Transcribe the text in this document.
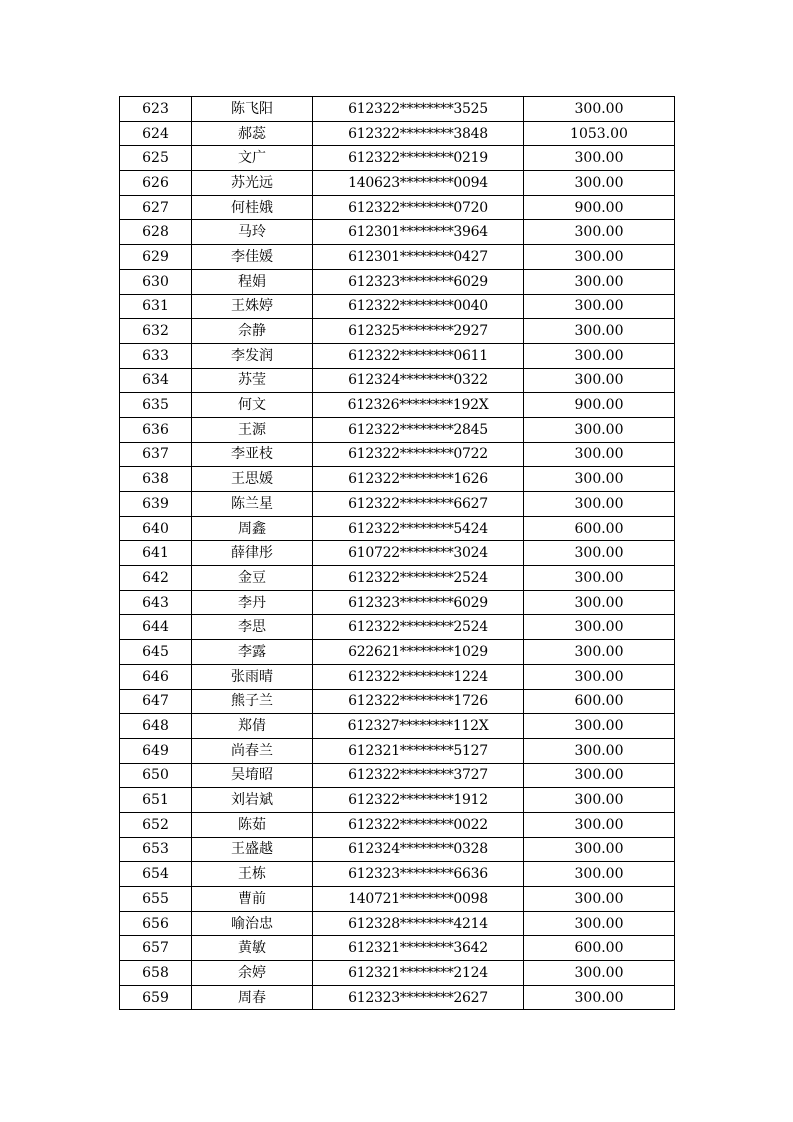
623	陈飞阳	612322********3525	300.00
624	郝蕊	612322********3848	1053.00
625	文广	612322********0219	300.00
626	苏光远	140623********0094	300.00
627	何桂娥	612322********0720	900.00
628	马玲	612301********3964	300.00
629	李佳媛	612301********0427	300.00
630	程娟	612323********6029	300.00
631	王姝婷	612322********0040	300.00
632	佘静	612325********2927	300.00
633	李发润	612322********0611	300.00
634	苏莹	612324********0322	300.00
635	何文	612326********192X	900.00
636	王源	612322********2845	300.00
637	李亚枝	612322********0722	300.00
638	王思媛	612322********1626	300.00
639	陈兰星	612322********6627	300.00
640	周鑫	612322********5424	600.00
641	薛律彤	610722********3024	300.00
642	金豆	612322********2524	300.00
643	李丹	612323********6029	300.00
644	李思	612322********2524	300.00
645	李露	622621********1029	300.00
646	张雨晴	612322********1224	300.00
647	熊子兰	612322********1726	600.00
648	郑倩	612327********112X	300.00
649	尚春兰	612321********5127	300.00
650	吴堉昭	612322********3727	300.00
651	刘岩斌	612322********1912	300.00
652	陈茹	612322********0022	300.00
653	王盛越	612324********0328	300.00
654	王栋	612323********6636	300.00
655	曹前	140721********0098	300.00
656	喻治忠	612328********4214	300.00
657	黄敏	612321********3642	600.00
658	余婷	612321********2124	300.00
659	周春	612323********2627	300.00
